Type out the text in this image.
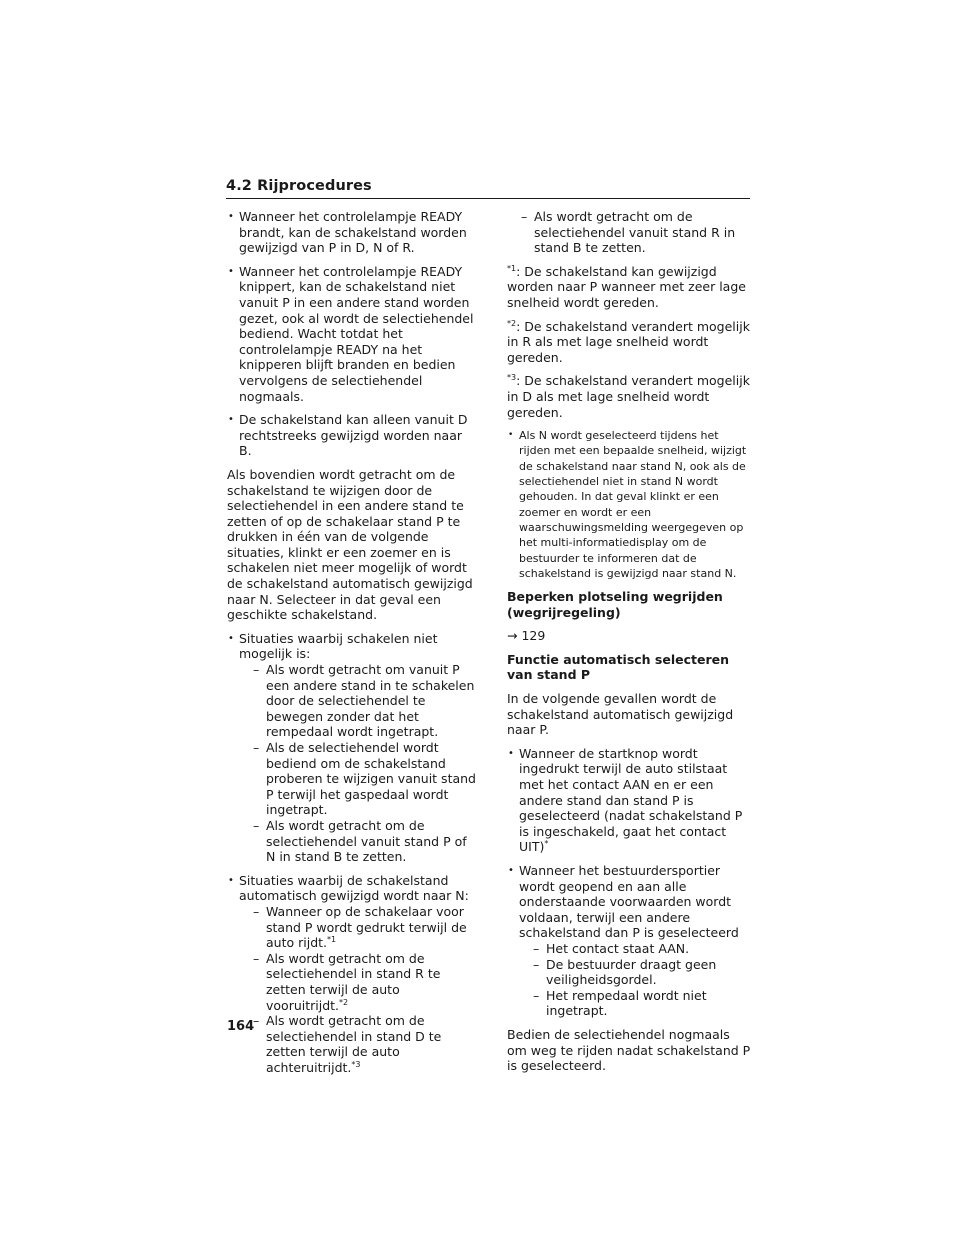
4.2 Rijprocedures
• Wanneer het controlelampje READY brandt, kan de schakelstand worden gewijzigd van P in D, N of R.
• Wanneer het controlelampje READY knippert, kan de schakelstand niet vanuit P in een andere stand worden gezet, ook al wordt de selectiehendel bediend. Wacht totdat het controlelampje READY na het knipperen blijft branden en bedien vervolgens de selectiehendel nogmaals.
• De schakelstand kan alleen vanuit D rechtstreeks gewijzigd worden naar B.

Als bovendien wordt getracht om de schakelstand te wijzigen door de selectiehendel in een andere stand te zetten of op de schakelaar stand P te drukken in één van de volgende situaties, klinkt er een zoemer en is schakelen niet meer mogelijk of wordt de schakelstand automatisch gewijzigd naar N. Selecteer in dat geval een geschikte schakelstand.

• Situaties waarbij schakelen niet mogelijk is:
– Als wordt getracht om vanuit P een andere stand in te schakelen door de selectiehendel te bewegen zonder dat het rempedaal wordt ingetrapt.
– Als de selectiehendel wordt bediend om de schakelstand proberen te wijzigen vanuit stand P terwijl het gaspedaal wordt ingetrapt.
– Als wordt getracht om de selectiehendel vanuit stand P of N in stand B te zetten.
• Situaties waarbij de schakelstand automatisch gewijzigd wordt naar N:
– Wanneer op de schakelaar voor stand P wordt gedrukt terwijl de auto rijdt.$^{*1}$
– Als wordt getracht om de selectiehendel in stand R te zetten terwijl de auto vooruitrijdt.$^{*2}$
– Als wordt getracht om de selectiehendel in stand D te zetten terwijl de auto achteruitrijdt.$^{*3}$
– Als wordt getracht om de selectiehendel vanuit stand R in stand B te zetten.

$^{*1}$: De schakelstand kan gewijzigd worden naar P wanneer met zeer lage snelheid wordt gereden.

$^{*2}$: De schakelstand verandert mogelijk in R als met lage snelheid wordt gereden.

$^{*3}$: De schakelstand verandert mogelijk in D als met lage snelheid wordt gereden.

• Als N wordt geselecteerd tijdens het rijden met een bepaalde snelheid, wijzigt de schakelstand naar stand N, ook als de selectiehendel niet in stand N wordt gehouden. In dat geval klinkt er een zoemer en wordt er een waarschuwingsmelding weergegeven op het multi-informatiedisplay om de bestuurder te informeren dat de schakelstand is gewijzigd naar stand N.

Beperken plotseling wegrijden (wegrijregeling)

→ 129

Functie automatisch selecteren van stand P

In de volgende gevallen wordt de schakelstand automatisch gewijzigd naar P.

• Wanneer de startknop wordt ingedrukt terwijl de auto stilstaat met het contact AAN en er een andere stand dan stand P is geselecteerd (nadat schakelstand P is ingeschakeld, gaat het contact UIT)*
• Wanneer het bestuurdersportier wordt geopend en aan alle onderstaande voorwaarden wordt voldaan, terwijl een andere schakelstand dan P is geselecteerd
– Het contact staat AAN.
– De bestuurder draagt geen veiligheidsgordel.
– Het rempedaal wordt niet ingetrapt.

Bedien de selectiehendel nogmaals om weg te rijden nadat schakelstand P is geselecteerd.

164
